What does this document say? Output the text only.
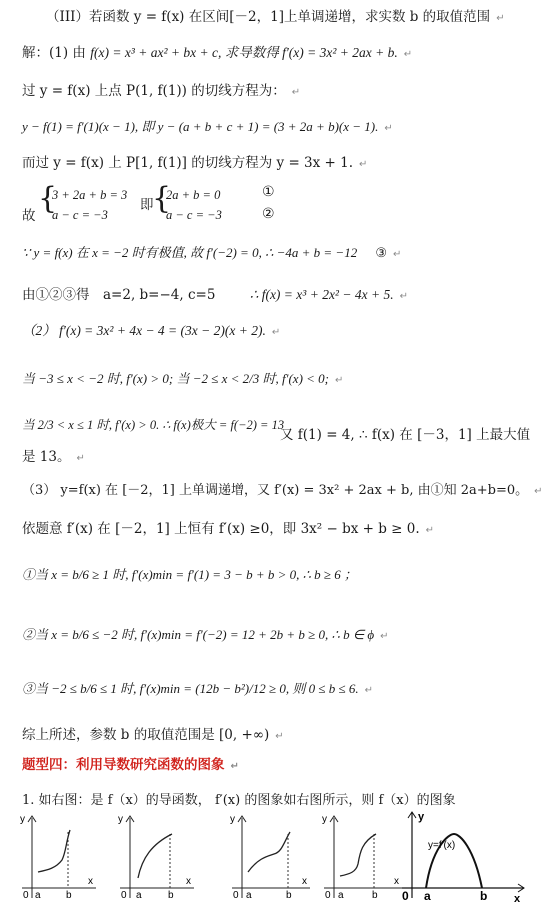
（III）若函数 y = f(x) 在区间[－2，1]上单调递增，求实数 b 的取值范围 ↵
解：(1) 由 f(x) = x³ + ax² + bx + c, 求导数得 f′(x) = 3x² + 2ax + b. ↵
过 y = f(x) 上点 P(1, f(1)) 的切线方程为： ↵
y − f(1) = f′(1)(x − 1), 即 y − (a + b + c + 1) = (3 + 2a + b)(x − 1). ↵
而过 y = f(x) 上 P[1, f(1)] 的切线方程为 y = 3x + 1. ↵
故 {
3 + 2a + b = 3
a − c = −3
即
{
2a + b = 0
a − c = −3
①
②
∵ y = f(x) 在 x = −2 时有极值, 故 f′(−2) = 0, ∴ −4a + b = −12 ③ ↵
由①②③得　a=2, b=−4, c=5	∴ f(x) = x³ + 2x² − 4x + 5. ↵
（2） f′(x) = 3x² + 4x − 4 = (3x − 2)(x + 2). ↵
当 −3 ≤ x < −2 时, f′(x) > 0; 当 −2 ≤ x < 2/3 时, f′(x) < 0; ↵
当 2/3 < x ≤ 1 时, f′(x) > 0. ∴ f(x)极大 = f(−2) = 13
又 f(1) = 4, ∴ f(x) 在 [－3，1] 上最大值
是 13。 ↵
（3） y=f(x) 在 [－2，1] 上单调递增，又 f′(x) = 3x² + 2ax + b, 由①知 2a+b=0。 ↵
依题意 f′(x) 在 [－2，1] 上恒有 f′(x) ≥0，即 3x² − bx + b ≥ 0. ↵
①当 x = b/6 ≥ 1 时, f′(x)min = f′(1) = 3 − b + b > 0, ∴ b ≥ 6 ；
②当 x = b/6 ≤ −2 时, f′(x)min = f′(−2) = 12 + 2b + b ≥ 0, ∴ b ∈ ϕ ↵
③当 −2 ≤ b/6 ≤ 1 时, f′(x)min = (12b − b²)/12 ≥ 0, 则 0 ≤ b ≤ 6. ↵
综上所述，参数 b 的取值范围是 [0, +∞) ↵
题型四：利用导数研究函数的图象 ↵
1. 如右图：是 f（x）的导函数， f′(x) 的图象如右图所示，则 f（x）的图象
0 a	b
x
y
0 a	b
x
y
0 a	b
x
y
0 a	b
x
y
y=f′(x)
0 a	b x
y
